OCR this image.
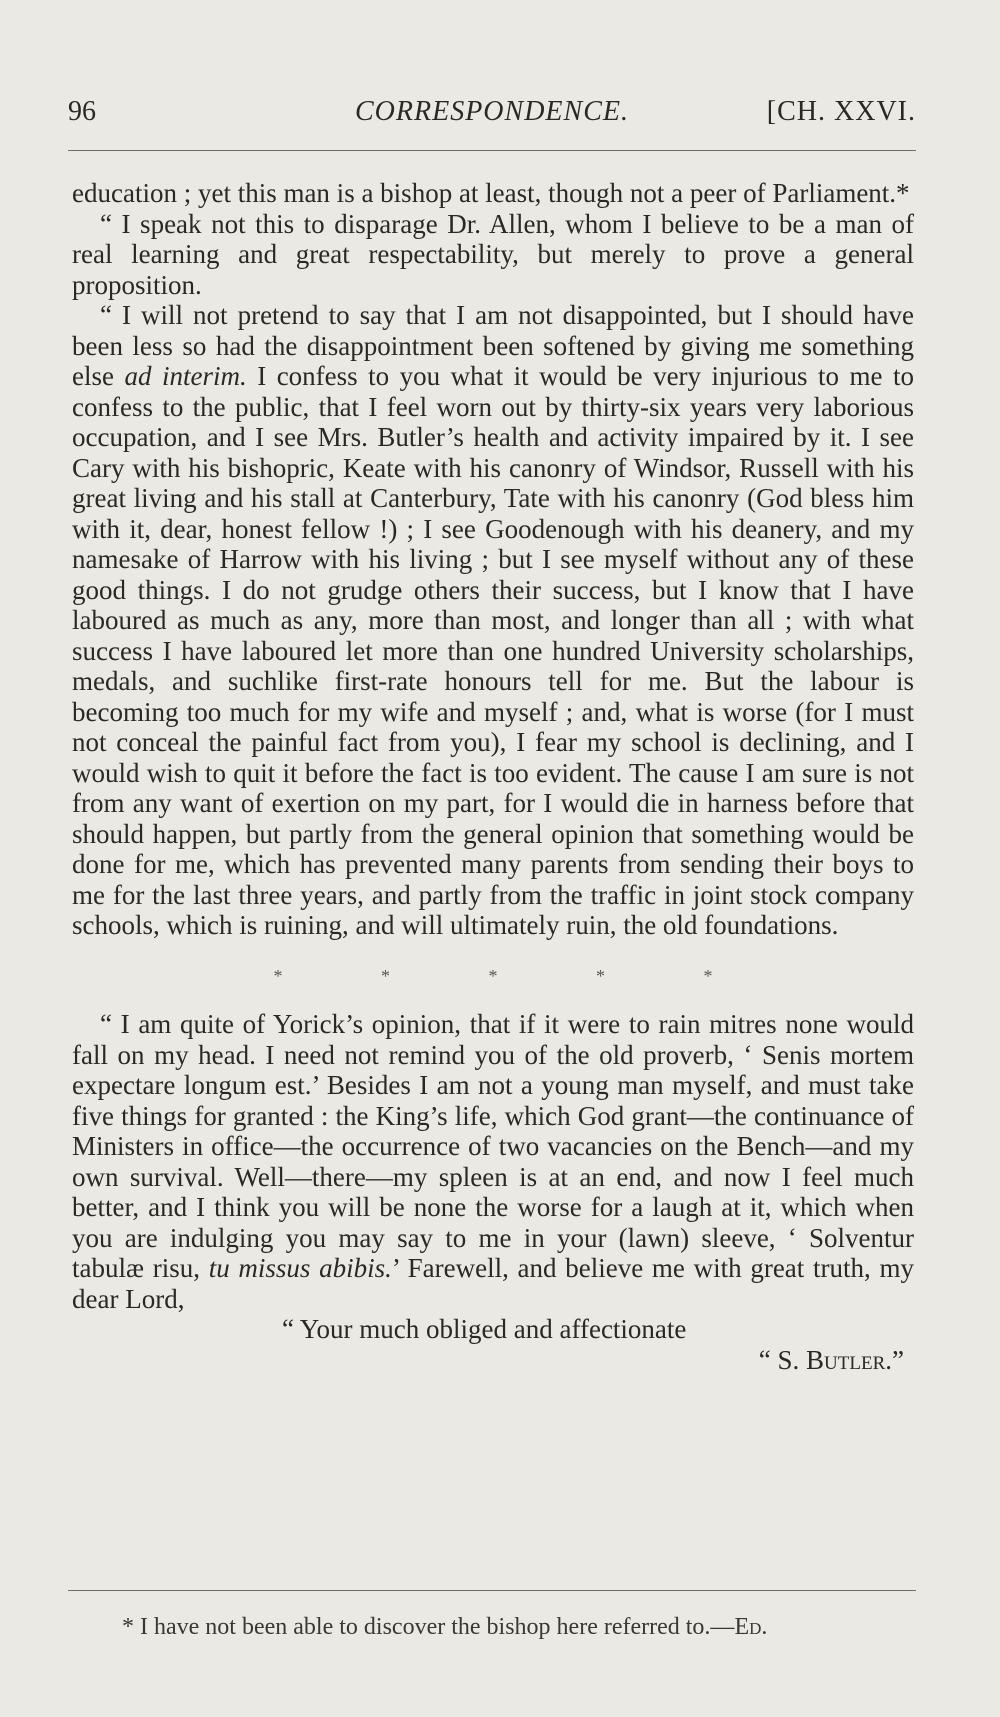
96	CORRESPONDENCE.	[CH. XXVI.

education ; yet this man is a bishop at least, though not a peer of Parliament.*

“ I speak not this to disparage Dr. Allen, whom I believe to be a man of real learning and great respectability, but merely to prove a general proposition.

“ I will not pretend to say that I am not disappointed, but I should have been less so had the disappointment been softened by giving me something else ad interim. I confess to you what it would be very injurious to me to confess to the public, that I feel worn out by thirty-six years very laborious occupation, and I see Mrs. Butler’s health and activity impaired by it. I see Cary with his bishopric, Keate with his canonry of Windsor, Russell with his great living and his stall at Canterbury, Tate with his canonry (God bless him with it, dear, honest fellow !) ; I see Goodenough with his deanery, and my namesake of Harrow with his living ; but I see myself without any of these good things. I do not grudge others their success, but I know that I have laboured as much as any, more than most, and longer than all ; with what success I have laboured let more than one hundred University scholarships, medals, and suchlike first-rate honours tell for me. But the labour is becoming too much for my wife and myself ; and, what is worse (for I must not conceal the painful fact from you), I fear my school is declining, and I would wish to quit it before the fact is too evident. The cause I am sure is not from any want of exertion on my part, for I would die in harness before that should happen, but partly from the general opinion that something would be done for me, which has prevented many parents from sending their boys to me for the last three years, and partly from the traffic in joint stock company schools, which is ruining, and will ultimately ruin, the old foundations.

* * * * *

“ I am quite of Yorick’s opinion, that if it were to rain mitres none would fall on my head. I need not remind you of the old proverb, ‘ Senis mortem expectare longum est.’ Besides I am not a young man myself, and must take five things for granted : the King’s life, which God grant—the continuance of Ministers in office—the occurrence of two vacancies on the Bench—and my own survival. Well—there—my spleen is at an end, and now I feel much better, and I think you will be none the worse for a laugh at it, which when you are indulging you may say to me in your (lawn) sleeve, ‘ Solventur tabulæ risu, tu missus abibis.’ Farewell, and believe me with great truth, my dear Lord,

“ Your much obliged and affectionate

“ S. Butler.”

* I have not been able to discover the bishop here referred to.—Ed.
